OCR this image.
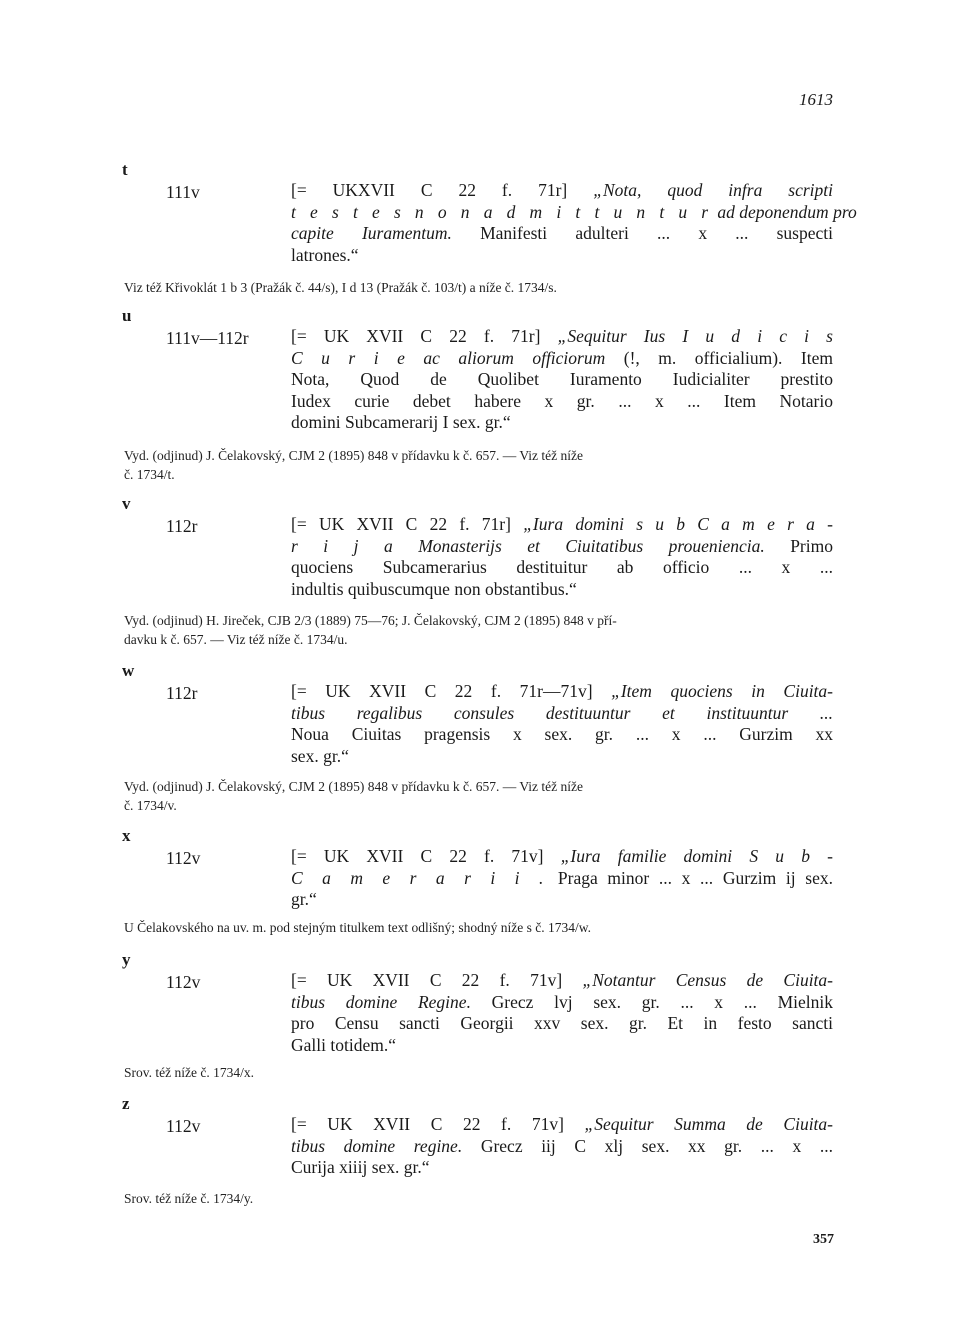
1613
t
111v	[= UKXVII C 22 f. 71r] „Nota, quod infra scripti
t e s t e s n o n a d m i t t u n t u r ad deponendum pro
capite Iuramentum. Manifesti adulteri ... x ... suspecti
latrones.“
Viz též Křivoklát 1 b 3 (Pražák č. 44/s), I d 13 (Pražák č. 103/t) a níže č. 1734/s.
u
111v—112r [= UK XVII C 22 f. 71r] „Sequitur Ius I u d i c i s
C u r i e ac aliorum officiorum (!, m. officialium). Item
Nota, Quod de Quolibet Iuramento Iudicialiter prestito
Iudex curie debet habere x gr. ... x ... Item Notario
domini Subcamerarij I sex. gr.“
Vyd. (odjinud) J. Čelakovský, CJM 2 (1895) 848 v přídavku k č. 657. — Viz též níže
č. 1734/t.
v
112r	[= UK XVII C 22 f. 71r] „Iura domini s u b C a m e r a -
r i j a Monasterijs et Ciuitatibus proueniencia. Primo
quociens Subcamerarius destituitur ab officio ... x ...
indultis quibuscumque non obstantibus.“
Vyd. (odjinud) H. Jireček, CJB 2/3 (1889) 75—76; J. Čelakovský, CJM 2 (1895) 848 v pří-
davku k č. 657. — Viz též níže č. 1734/u.
w
112r	[= UK XVII C 22 f. 71r—71v] „Item quociens in Ciuita-
tibus regalibus consules destituuntur et instituuntur ...
Noua Ciuitas pragensis x sex. gr. ... x ... Gurzim xx
sex. gr.“
Vyd. (odjinud) J. Čelakovský, CJM 2 (1895) 848 v přídavku k č. 657. — Viz též níže
č. 1734/v.
x
112v	[= UK XVII C 22 f. 71v] „Iura familie domini S u b -
C a m e r a r i i . Praga minor ... x ... Gurzim ij sex.
gr.“
U Čelakovského na uv. m. pod stejným titulkem text odlišný; shodný níže s č. 1734/w.
y
112v	[= UK XVII C 22 f. 71v] „Notantur Census de Ciuita-
tibus domine Regine. Grecz lvj sex. gr. ... x ... Mielnik
pro Censu sancti Georgii xxv sex. gr. Et in festo sancti
Galli totidem.“
Srov. též níže č. 1734/x.
z
112v	[= UK XVII C 22 f. 71v] „Sequitur Summa de Ciuita-
tibus domine regine. Grecz iij C xlj sex. xx gr. ... x ...
Curija xiiij sex. gr.“
Srov. též níže č. 1734/y.
357
